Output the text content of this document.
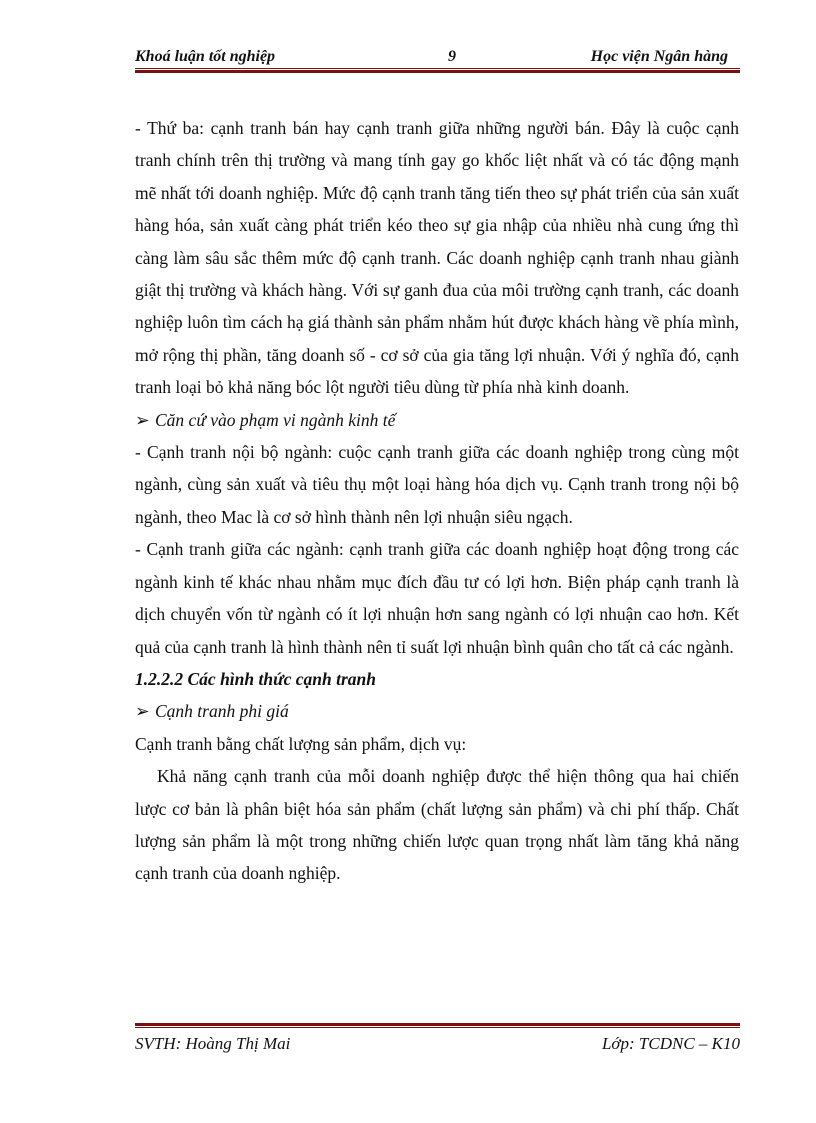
Khoá luận tốt nghiệp	9	Học viện Ngân hàng

- Thứ ba: cạnh tranh bán hay cạnh tranh giữa những người bán. Đây là cuộc cạnh tranh chính trên thị trường và mang tính gay go khốc liệt nhất và có tác động mạnh mẽ nhất tới doanh nghiệp. Mức độ cạnh tranh tăng tiến theo sự phát triển của sản xuất hàng hóa, sản xuất càng phát triển kéo theo sự gia nhập của nhiều nhà cung ứng thì càng làm sâu sắc thêm mức độ cạnh tranh. Các doanh nghiệp cạnh tranh nhau giành giật thị trường và khách hàng. Với sự ganh đua của môi trường cạnh tranh, các doanh nghiệp luôn tìm cách hạ giá thành sản phẩm nhằm hút được khách hàng về phía mình, mở rộng thị phần, tăng doanh số - cơ sở của gia tăng lợi nhuận. Với ý nghĩa đó, cạnh tranh loại bỏ khả năng bóc lột người tiêu dùng từ phía nhà kinh doanh.

➢ Căn cứ vào phạm vi ngành kinh tế

- Cạnh tranh nội bộ ngành: cuộc cạnh tranh giữa các doanh nghiệp trong cùng một ngành, cùng sản xuất và tiêu thụ một loại hàng hóa dịch vụ. Cạnh tranh trong nội bộ ngành, theo Mac là cơ sở hình thành nên lợi nhuận siêu ngạch.

- Cạnh tranh giữa các ngành: cạnh tranh giữa các doanh nghiệp hoạt động trong các ngành kinh tế khác nhau nhằm mục đích đầu tư có lợi hơn. Biện pháp cạnh tranh là dịch chuyển vốn từ ngành có ít lợi nhuận hơn sang ngành có lợi nhuận cao hơn. Kết quả của cạnh tranh là hình thành nên tỉ suất lợi nhuận bình quân cho tất cả các ngành.

1.2.2.2 Các hình thức cạnh tranh

➢ Cạnh tranh phi giá

Cạnh tranh bằng chất lượng sản phẩm, dịch vụ:

Khả năng cạnh tranh của mỗi doanh nghiệp được thể hiện thông qua hai chiến lược cơ bản là phân biệt hóa sản phẩm (chất lượng sản phẩm) và chi phí thấp. Chất lượng sản phẩm là một trong những chiến lược quan trọng nhất làm tăng khả năng cạnh tranh của doanh nghiệp.

SVTH: Hoàng Thị Mai	Lớp: TCDNC – K10
